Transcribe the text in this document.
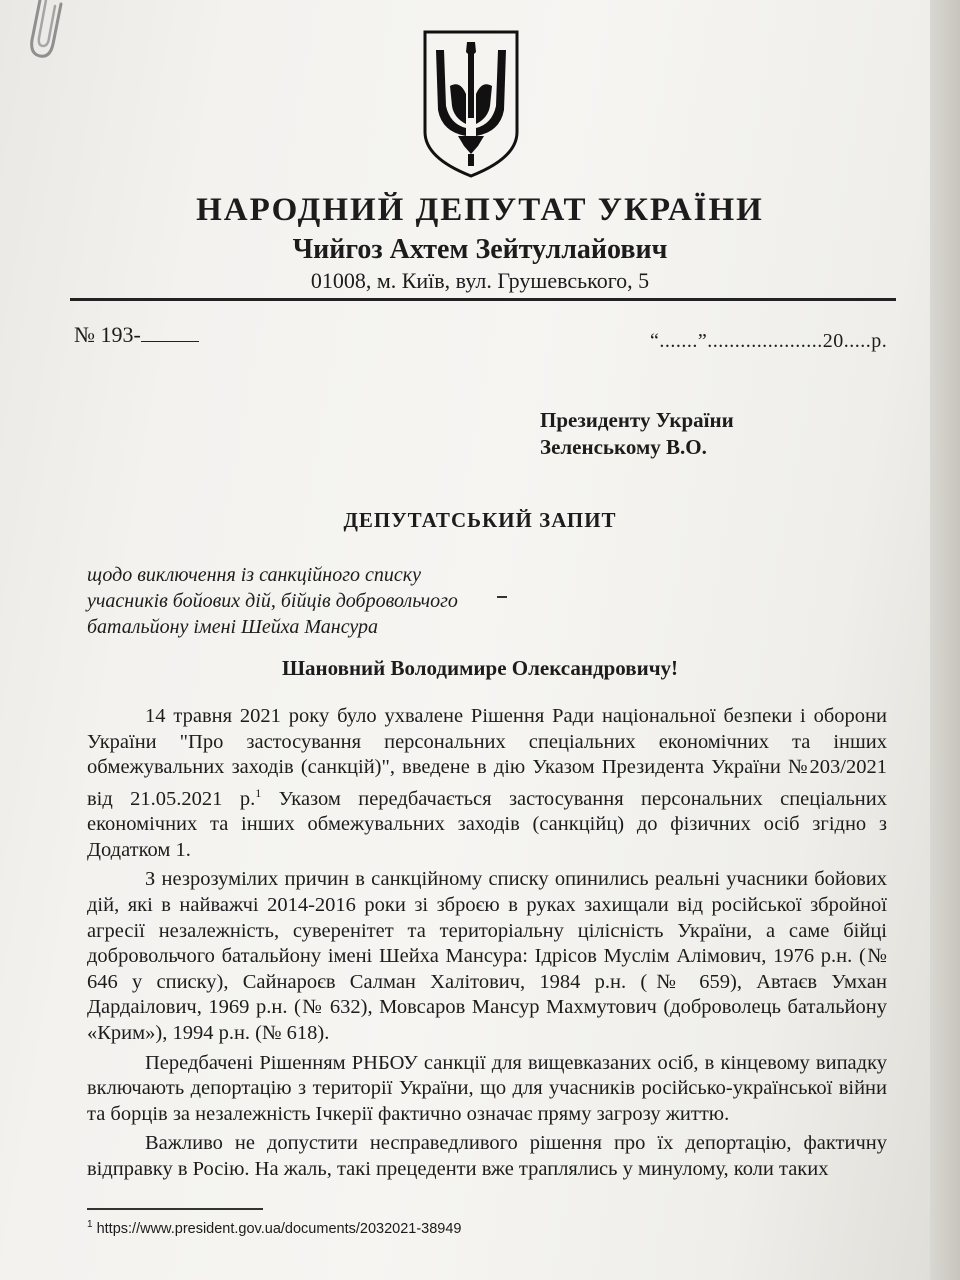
НАРОДНИЙ ДЕПУТАТ УКРАЇНИ
Чийгоз Ахтем Зейтуллайович
01008, м. Київ, вул. Грушевського, 5
№ 193-	“.......”.....................20.....р.
Президенту України
Зеленському В.О.
ДЕПУТАТСЬКИЙ ЗАПИТ
щодо виключення із санкційного списку
учасників бойових дій, бійців добровольчого
батальйону імені Шейха Мансура
Шановний Володимире Олександровичу!

14 травня 2021 року було ухвалене Рішення Ради національної безпеки і оборони України "Про застосування персональних спеціальних економічних та інших обмежувальних заходів (санкцій)", введене в дію Указом Президента України №203/2021 від 21.05.2021 р.$^1$ Указом передбачається застосування персональних спеціальних економічних та інших обмежувальних заходів (санкційц) до фізичних осіб згідно з Додатком 1.

З незрозумілих причин в санкційному списку опинились реальні учасники бойових дій, які в найважчі 2014-2016 роки зі зброєю в руках захищали від російської збройної агресії незалежність, суверенітет та територіальну цілісність України, а саме бійці добровольчого батальйону імені Шейха Мансура: Ідрісов Муслім Алімович, 1976 р.н. (№ 646 у списку), Сайнароєв Салман Халітович, 1984 р.н. (№ 659), Автаєв Умхан Дардаілович, 1969 р.н. (№ 632), Мовсаров Мансур Махмутович (доброволець батальйону «Крим»), 1994 р.н. (№ 618).

Передбачені Рішенням РНБОУ санкції для вищевказаних осіб, в кінцевому випадку включають депортацію з території України, що для учасників російсько-української війни та борців за незалежність Ічкерії фактично означає пряму загрозу життю.

Важливо не допустити несправедливого рішення про їх депортацію, фактичну відправку в Росію. На жаль, такі прецеденти вже траплялись у минулому, коли таких

$^1$ https://www.president.gov.ua/documents/2032021-38949
